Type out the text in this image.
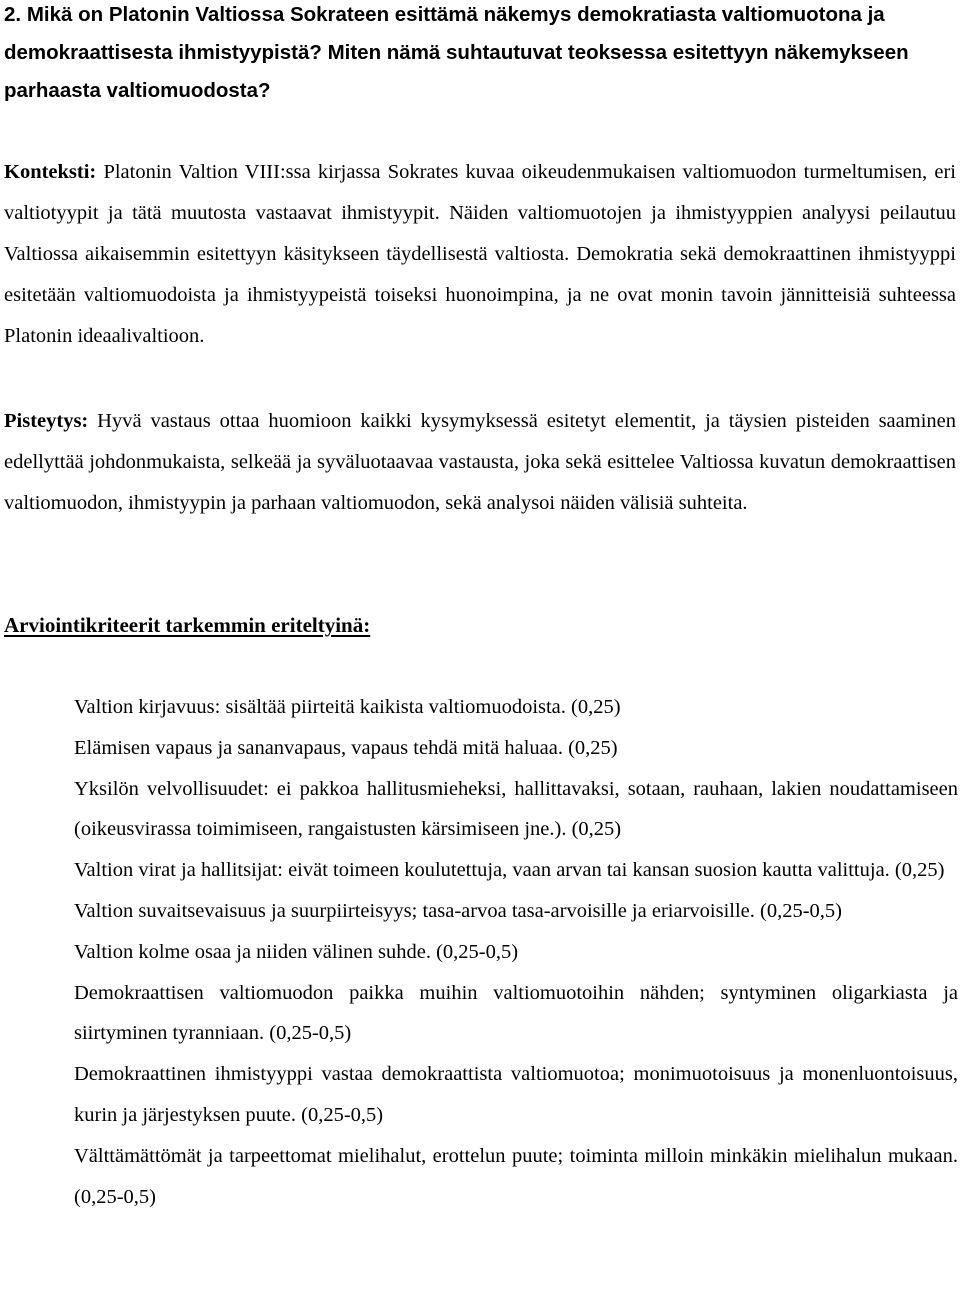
2. Mikä on Platonin Valtiossa Sokrateen esittämä näkemys demokratiasta valtiomuotona ja demokraattisesta ihmistyypistä? Miten nämä suhtautuvat teoksessa esitettyyn näkemykseen parhaasta valtiomuodosta?

Konteksti: Platonin Valtion VIII:ssa kirjassa Sokrates kuvaa oikeudenmukaisen valtiomuodon turmeltumisen, eri valtiotyypit ja tätä muutosta vastaavat ihmistyypit. Näiden valtiomuotojen ja ihmistyyppien analyysi peilautuu Valtiossa aikaisemmin esitettyyn käsitykseen täydellisestä valtiosta. Demokratia sekä demokraattinen ihmistyyppi esitetään valtiomuodoista ja ihmistyypeistä toiseksi huonoimpina, ja ne ovat monin tavoin jännitteisiä suhteessa Platonin ideaalivaltioon.

Pisteytys: Hyvä vastaus ottaa huomioon kaikki kysymyksessä esitetyt elementit, ja täysien pisteiden saaminen edellyttää johdonmukaista, selkeää ja syväluotaavaa vastausta, joka sekä esittelee Valtiossa kuvatun demokraattisen valtiomuodon, ihmistyypin ja parhaan valtiomuodon, sekä analysoi näiden välisiä suhteita.

Arviointikriteerit tarkemmin eriteltyinä:

Valtion kirjavuus: sisältää piirteitä kaikista valtiomuodoista. (0,25)
Elämisen vapaus ja sananvapaus, vapaus tehdä mitä haluaa. (0,25)
Yksilön velvollisuudet: ei pakkoa hallitusmieheksi, hallittavaksi, sotaan, rauhaan, lakien noudattamiseen (oikeusvirassa toimimiseen, rangaistusten kärsimiseen jne.). (0,25)
Valtion virat ja hallitsijat: eivät toimeen koulutettuja, vaan arvan tai kansan suosion kautta valittuja. (0,25)
Valtion suvaitsevaisuus ja suurpiirteisyys; tasa-arvoa tasa-arvoisille ja eriarvoisille. (0,25-0,5)
Valtion kolme osaa ja niiden välinen suhde. (0,25-0,5)
Demokraattisen valtiomuodon paikka muihin valtiomuotoihin nähden; syntyminen oligarkiasta ja siirtyminen tyranniaan. (0,25-0,5)
Demokraattinen ihmistyyppi vastaa demokraattista valtiomuotoa; monimuotoisuus ja monenluontoisuus, kurin ja järjestyksen puute. (0,25-0,5)
Välttämättömät ja tarpeettomat mielihalut, erottelun puute; toiminta milloin minkäkin mielihalun mukaan. (0,25-0,5)
